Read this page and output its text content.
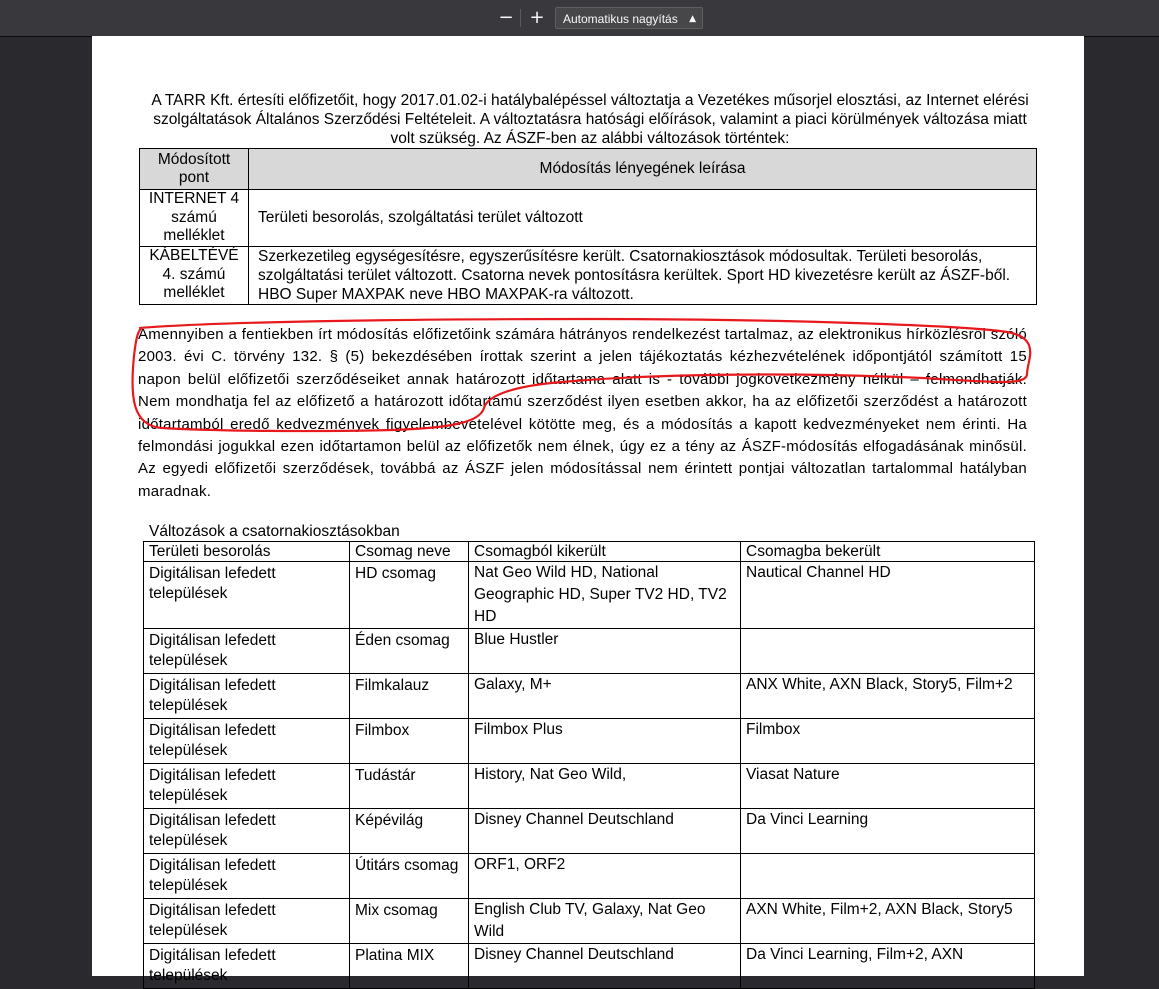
− +	Automatikus nagyítás ▲

A TARR Kft. értesíti előfizetőit, hogy 2017.01.02-i hatálybalépéssel változtatja a Vezetékes műsorjel elosztási, az Internet elérési szolgáltatások Általános Szerződési Feltételeit. A változtatásra hatósági előírások, valamint a piaci körülmények változása miatt volt szükség. Az ÁSZF-ben az alábbi változások történtek:
Módosított pont	Módosítás lényegének leírása
INTERNET 4 számú melléklet	Területi besorolás, szolgáltatási terület változott
KÁBELTÉVÉ 4. számú melléklet	Szerkezetileg egységesítésre, egyszerűsítésre került. Csatornakiosztások módosultak. Területi besorolás, szolgáltatási terület változott. Csatorna nevek pontosításra kerültek. Sport HD kivezetésre került az ÁSZF-ből. HBO Super MAXPAK neve HBO MAXPAK-ra változott.
Amennyiben a fentiekben írt módosítás előfizetőink számára hátrányos rendelkezést tartalmaz, az elektronikus hírközlésről szóló 2003. évi C. törvény 132. § (5) bekezdésében írottak szerint a jelen tájékoztatás kézhezvételének időpontjától számított 15 napon belül előfizetői szerződéseiket annak határozott időtartama alatt is - további jogkövetkezmény nélkül – felmondhatják. Nem mondhatja fel az előfizető a határozott időtartamú szerződést ilyen esetben akkor, ha az előfizetői szerződést a határozott időtartamból eredő kedvezmények figyelembevételével kötötte meg, és a módosítás a kapott kedvezményeket nem érinti. Ha felmondási jogukkal ezen időtartamon belül az előfizetők nem élnek, úgy ez a tény az ÁSZF-módosítás elfogadásának minősül. Az egyedi előfizetői szerződések, továbbá az ÁSZF jelen módosítással nem érintett pontjai változatlan tartalommal hatályban maradnak.
Változások a csatornakiosztásokban
Területi besorolás	Csomag neve	Csomagból kikerült	Csomagba bekerült
Digitálisan lefedett települések	HD csomag	Nat Geo Wild HD, National Geographic HD, Super TV2 HD, TV2 HD	Nautical Channel HD
Digitálisan lefedett települések	Éden csomag	Blue Hustler	
Digitálisan lefedett települések	Filmkalauz	Galaxy, M+	ANX White, AXN Black, Story5, Film+2
Digitálisan lefedett települések	Filmbox	Filmbox Plus	Filmbox
Digitálisan lefedett települések	Tudástár	History, Nat Geo Wild,	Viasat Nature
Digitálisan lefedett települések	Képévilág	Disney Channel Deutschland	Da Vinci Learning
Digitálisan lefedett települések	Útitárs csomag	ORF1, ORF2	
Digitálisan lefedett települések	Mix csomag	English Club TV, Galaxy, Nat Geo Wild	AXN White, Film+2, AXN Black, Story5
Digitálisan lefedett települések	Platina MIX	Disney Channel Deutschland	Da Vinci Learning, Film+2, AXN
